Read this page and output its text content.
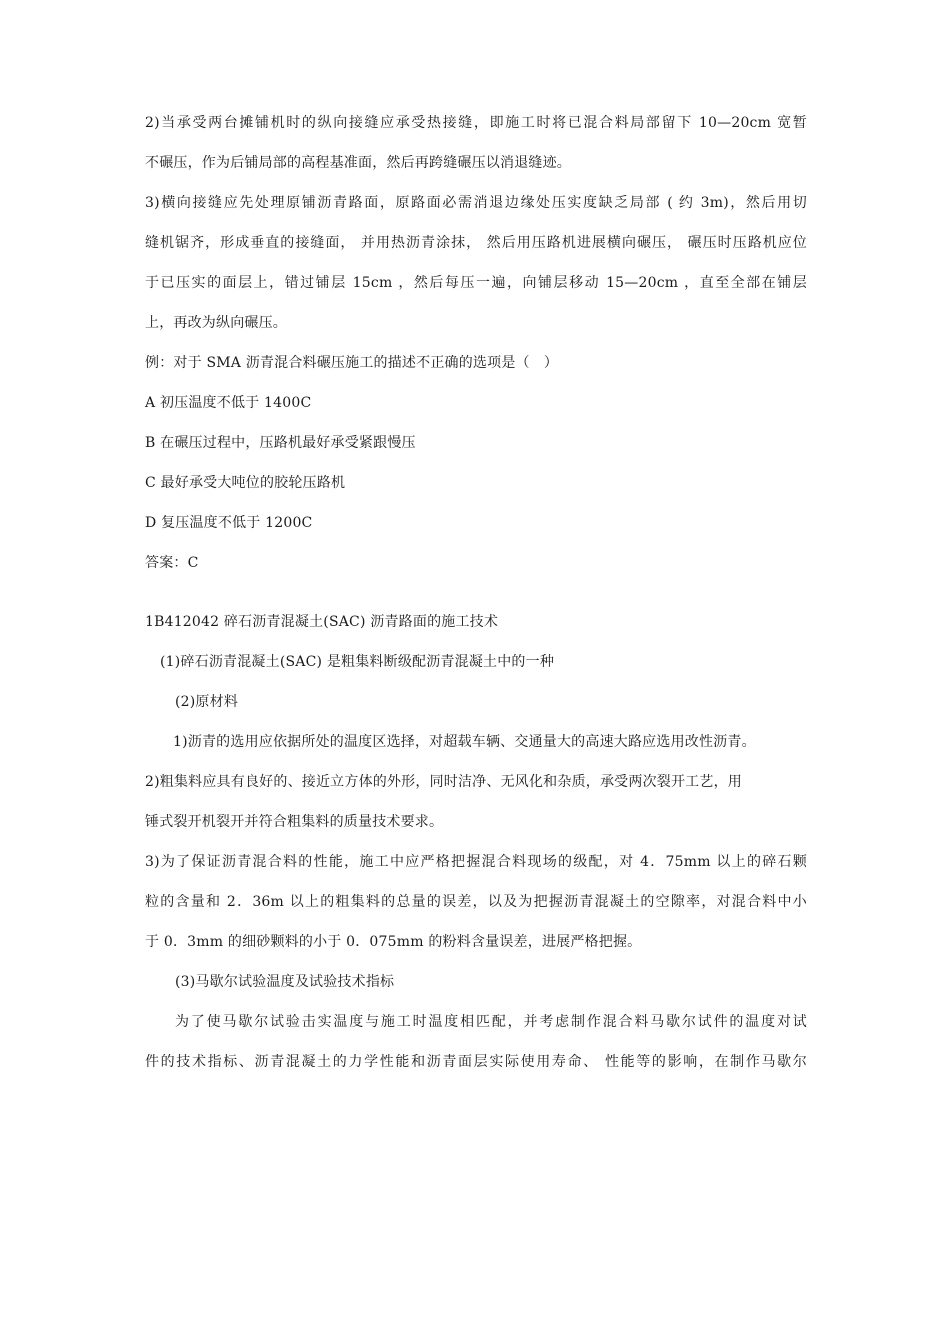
2)当承受两台摊铺机时的纵向接缝应承受热接缝，即施工时将已混合料局部留下 10—20cm 宽暂
不碾压，作为后铺局部的高程基准面，然后再跨缝碾压以消退缝迹。
3)横向接缝应先处理原铺沥青路面，原路面必需消退边缘处压实度缺乏局部 ( 约 3m)，然后用切
缝机锯齐，形成垂直的接缝面， 并用热沥青涂抹， 然后用压路机进展横向碾压， 碾压时压路机应位
于已压实的面层上，错过铺层 15cm ，然后每压一遍，向铺层移动 15—20cm ，直至全部在铺层
上，再改为纵向碾压。
例：对于 SMA 沥青混合料碾压施工的描述不正确的选项是（　）
A 初压温度不低于 1400C
B 在碾压过程中，压路机最好承受紧跟慢压
C 最好承受大吨位的胶轮压路机
D 复压温度不低于 1200C
答案：C
1B412042 碎石沥青混凝土(SAC) 沥青路面的施工技术
(1)碎石沥青混凝土(SAC) 是粗集料断级配沥青混凝土中的一种
(2)原材料
1)沥青的选用应依据所处的温度区选择，对超载车辆、交通量大的高速大路应选用改性沥青。
2)粗集料应具有良好的、接近立方体的外形，同时洁净、无风化和杂质，承受两次裂开工艺，用
锤式裂开机裂开并符合粗集料的质量技术要求。
3)为了保证沥青混合料的性能，施工中应严格把握混合料现场的级配，对 4．75mm 以上的碎石颗
粒的含量和 2．36m 以上的粗集料的总量的误差，以及为把握沥青混凝土的空隙率，对混合料中小
于 0．3mm 的细砂颗料的小于 0．075mm 的粉料含量误差，进展严格把握。
(3)马歇尔试验温度及试验技术指标
为了使马歇尔试验击实温度与施工时温度相匹配，并考虑制作混合料马歇尔试件的温度对试
件的技术指标、沥青混凝土的力学性能和沥青面层实际使用寿命、 性能等的影响，在制作马歇尔
